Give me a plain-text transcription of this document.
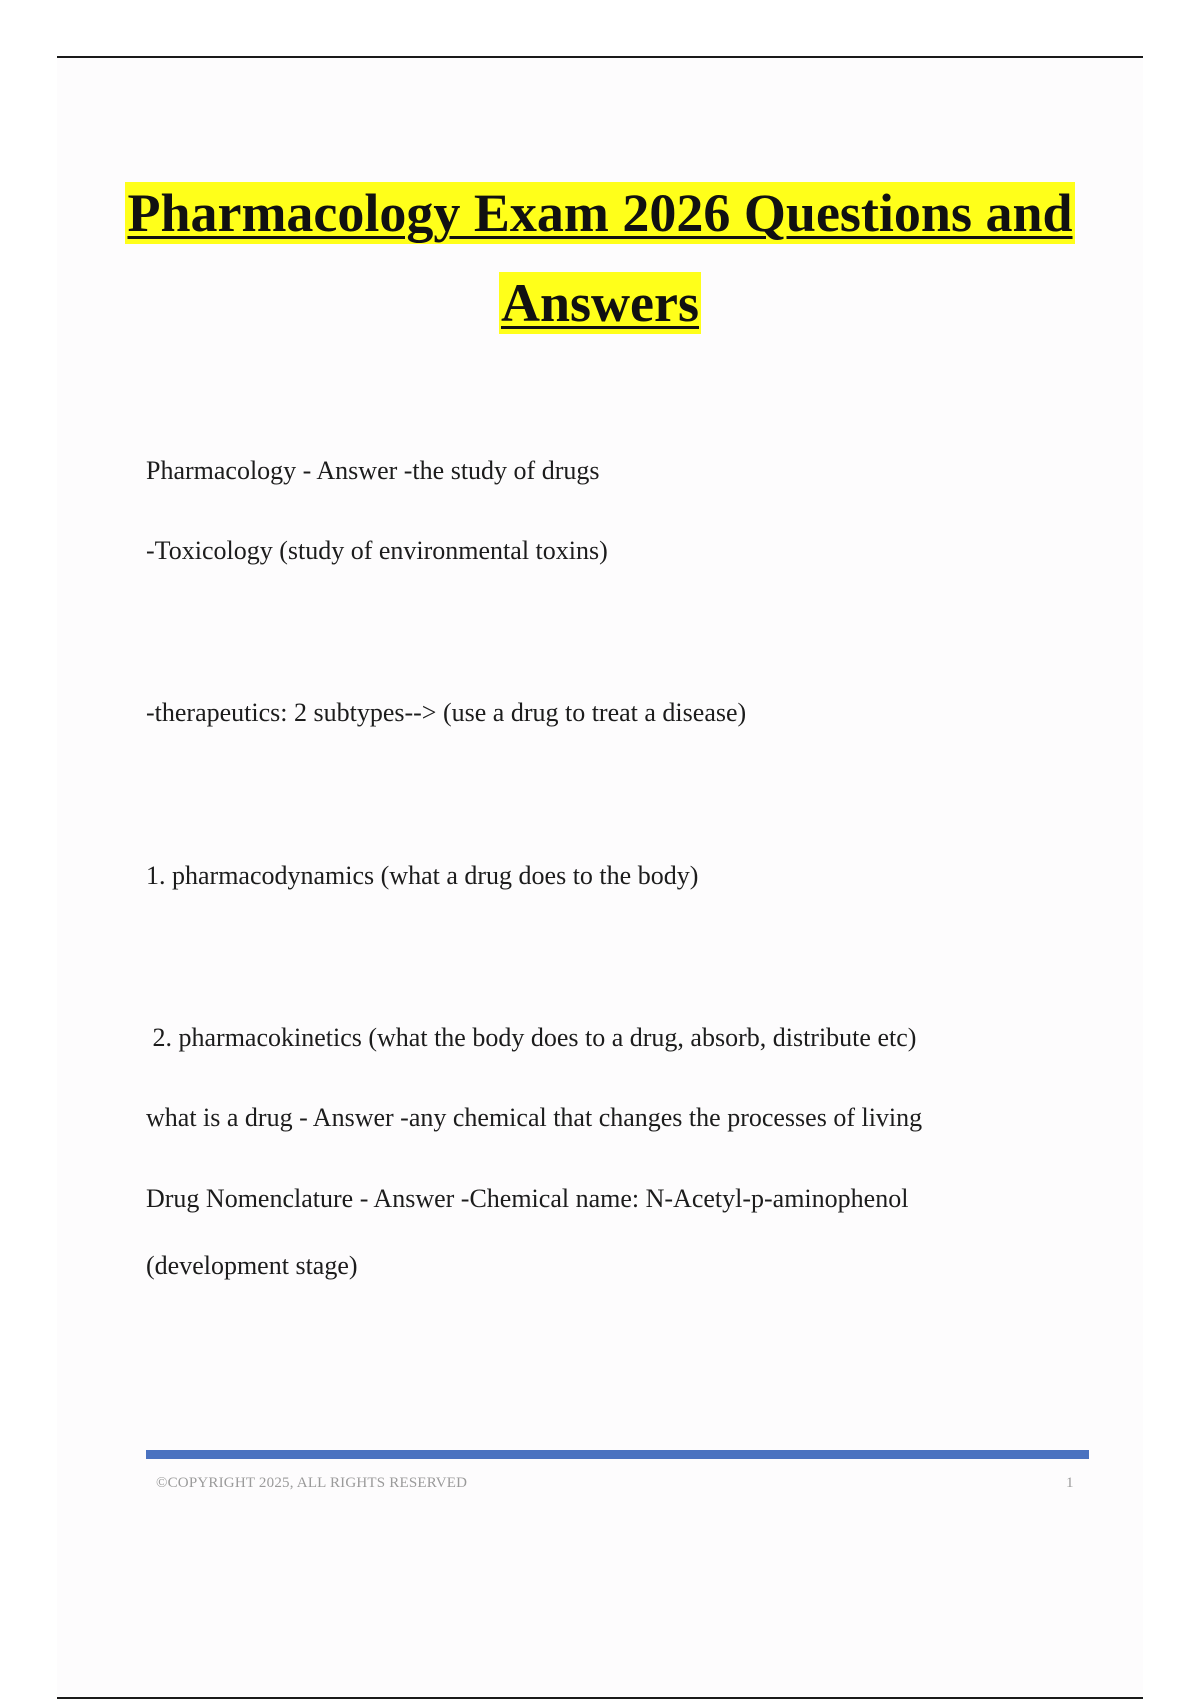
Pharmacology Exam 2026 Questions and
Answers
Pharmacology - Answer -the study of drugs
-Toxicology (study of environmental toxins)
-therapeutics: 2 subtypes--> (use a drug to treat a disease)
1. pharmacodynamics (what a drug does to the body)
2. pharmacokinetics (what the body does to a drug, absorb, distribute etc)
what is a drug - Answer -any chemical that changes the processes of living
Drug Nomenclature - Answer -Chemical name: N-Acetyl-p-aminophenol
(development stage)
©COPYRIGHT 2025, ALL RIGHTS RESERVED	1
